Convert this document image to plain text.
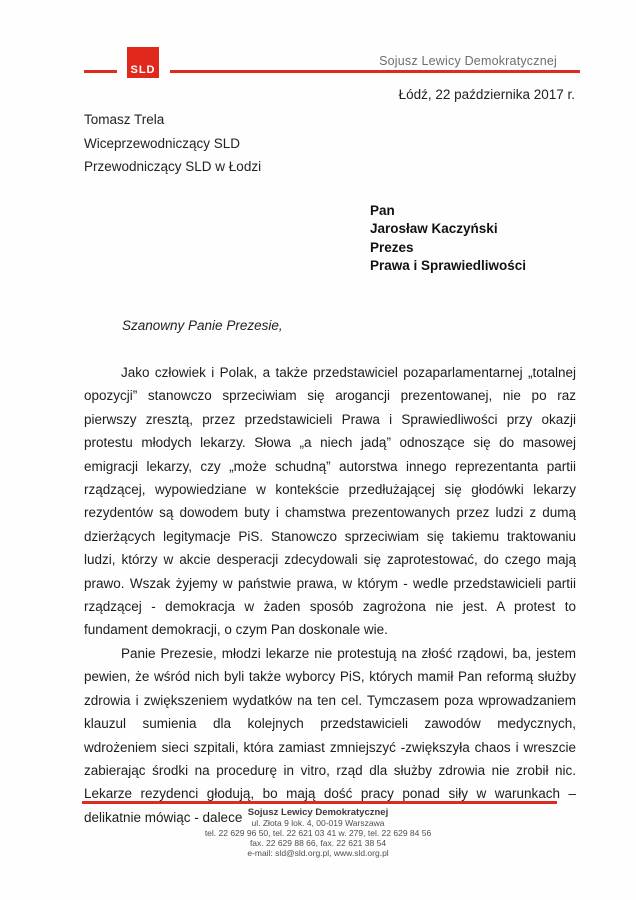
SLD
Sojusz Lewicy Demokratycznej
Łódź, 22 października 2017 r.
Tomasz Trela
Wiceprzewodniczący SLD
Przewodniczący SLD w Łodzi
Pan
Jarosław Kaczyński
Prezes
Prawa i Sprawiedliwości
Szanowny Panie Prezesie,

Jako człowiek i Polak, a także przedstawiciel pozaparlamentarnej „totalnej opozycji” stanowczo sprzeciwiam się arogancji prezentowanej, nie po raz pierwszy zresztą, przez przedstawicieli Prawa i Sprawiedliwości przy okazji protestu młodych lekarzy. Słowa „a niech jadą” odnoszące się do masowej emigracji lekarzy, czy „może schudną” autorstwa innego reprezentanta partii rządzącej, wypowiedziane w kontekście przedłużającej się głodówki lekarzy rezydentów są dowodem buty i chamstwa prezentowanych przez ludzi z dumą dzierżących legitymacje PiS. Stanowczo sprzeciwiam się takiemu traktowaniu ludzi, którzy w akcie desperacji zdecydowali się zaprotestować, do czego mają prawo. Wszak żyjemy w państwie prawa, w którym - wedle przedstawicieli partii rządzącej - demokracja w żaden sposób zagrożona nie jest. A protest to fundament demokracji, o czym Pan doskonale wie.

Panie Prezesie, młodzi lekarze nie protestują na złość rządowi, ba, jestem pewien, że wśród nich byli także wyborcy PiS, których mamił Pan reformą służby zdrowia i zwiększeniem wydatków na ten cel. Tymczasem poza wprowadzaniem klauzul sumienia dla kolejnych przedstawicieli zawodów medycznych, wdrożeniem sieci szpitali, która zamiast zmniejszyć -zwiększyła chaos i wreszcie zabierając środki na procedurę in vitro, rząd dla służby zdrowia nie zrobił nic. Lekarze rezydenci głodują, bo mają dość pracy ponad siły w warunkach – delikatnie mówiąc - dalece Sojusz Lewicy Demokratycznej
ul. Złota 9 lok. 4, 00-019 Warszawa
tel. 22 629 96 50, tel. 22 621 03 41 w. 279, tel. 22 629 84 56
fax. 22 629 88 66, fax. 22 621 38 54
e-mail: sld@sld.org.pl, www.sld.org.pl
